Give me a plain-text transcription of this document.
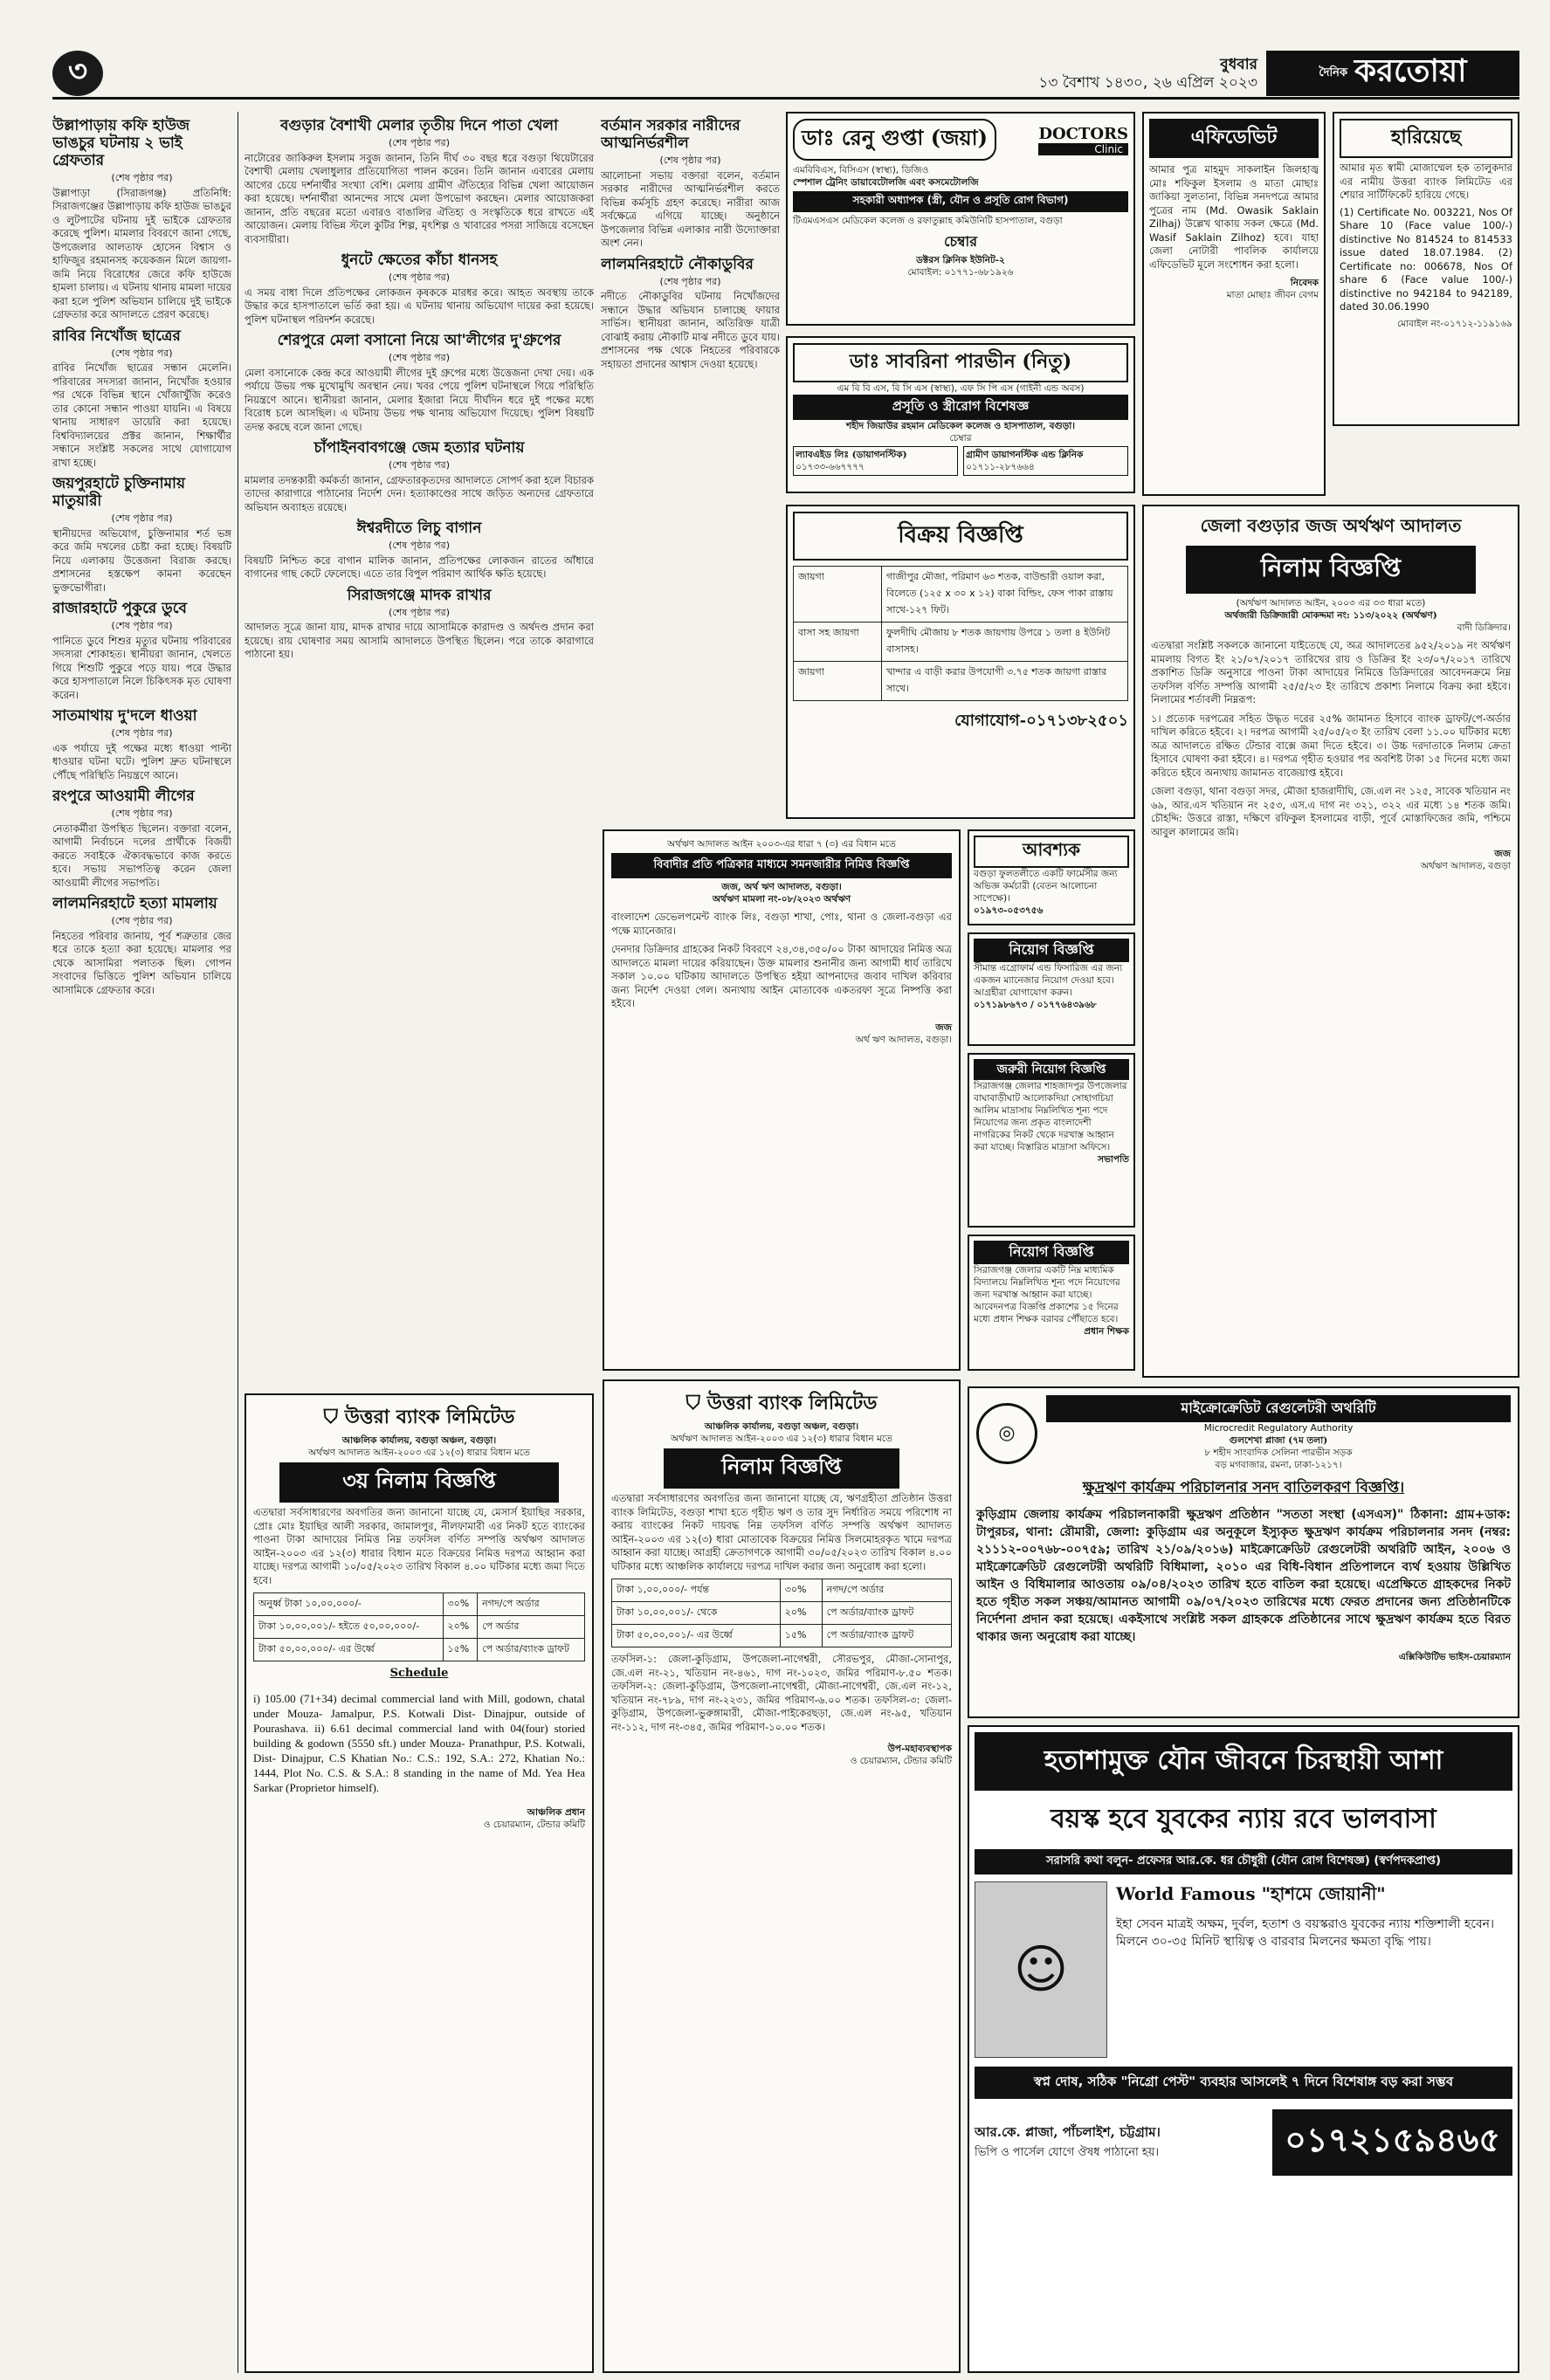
৩	বুধবার
১৩ বৈশাখ ১৪৩০, ২৬ এপ্রিল ২০২৩
দৈনিক করতোয়া
উল্লাপাড়ায় কফি হাউজ ভাঙচুর ঘটনায় ২ ভাই গ্রেফতার
(শেষ পৃষ্ঠার পর)

উল্লাপাড়া (সিরাজগঞ্জ) প্রতিনিধি: সিরাজগঞ্জের উল্লাপাড়ায় কফি হাউজ ভাঙচুর ও লুটপাটের ঘটনায় দুই ভাইকে গ্রেফতার করেছে পুলিশ। মামলার বিবরণে জানা গেছে, উপজেলার আলতাফ হোসেন বিশ্বাস ও হাফিজুর রহমানসহ কয়েকজন মিলে জায়গা-জমি নিয়ে বিরোধের জেরে কফি হাউজে হামলা চালায়। এ ঘটনায় থানায় মামলা দায়ের করা হলে পুলিশ অভিযান চালিয়ে দুই ভাইকে গ্রেফতার করে আদালতে প্রেরণ করেছে।

রাবির নিখোঁজ ছাত্রের
(শেষ পৃষ্ঠার পর)

রাবির নিখোঁজ ছাত্রের সন্ধান মেলেনি। পরিবারের সদস্যরা জানান, নিখোঁজ হওয়ার পর থেকে বিভিন্ন স্থানে খোঁজাখুঁজি করেও তার কোনো সন্ধান পাওয়া যায়নি। এ বিষয়ে থানায় সাধারণ ডায়েরি করা হয়েছে। বিশ্ববিদ্যালয়ের প্রক্টর জানান, শিক্ষার্থীর সন্ধানে সংশ্লিষ্ট সকলের সাথে যোগাযোগ রাখা হচ্ছে।

জয়পুরহাটে চুক্তিনামায় মাতুয়ারী
(শেষ পৃষ্ঠার পর)

স্থানীয়দের অভিযোগ, চুক্তিনামার শর্ত ভঙ্গ করে জমি দখলের চেষ্টা করা হচ্ছে। বিষয়টি নিয়ে এলাকায় উত্তেজনা বিরাজ করছে। প্রশাসনের হস্তক্ষেপ কামনা করেছেন ভুক্তভোগীরা।

রাজারহাটে পুকুরে ডুবে
(শেষ পৃষ্ঠার পর)

পানিতে ডুবে শিশুর মৃত্যুর ঘটনায় পরিবারের সদস্যরা শোকাহত। স্থানীয়রা জানান, খেলতে গিয়ে শিশুটি পুকুরে পড়ে যায়। পরে উদ্ধার করে হাসপাতালে নিলে চিকিৎসক মৃত ঘোষণা করেন।

সাতমাথায় দু'দলে ধাওয়া
(শেষ পৃষ্ঠার পর)

এক পর্যায়ে দুই পক্ষের মধ্যে ধাওয়া পাল্টা ধাওয়ার ঘটনা ঘটে। পুলিশ দ্রুত ঘটনাস্থলে পৌঁছে পরিস্থিতি নিয়ন্ত্রণে আনে।

রংপুরে আওয়ামী লীগের
(শেষ পৃষ্ঠার পর)

নেতাকর্মীরা উপস্থিত ছিলেন। বক্তারা বলেন, আগামী নির্বাচনে দলের প্রার্থীকে বিজয়ী করতে সবাইকে ঐক্যবদ্ধভাবে কাজ করতে হবে। সভায় সভাপতিত্ব করেন জেলা আওয়ামী লীগের সভাপতি।

লালমনিরহাটে হত্যা মামলায়
(শেষ পৃষ্ঠার পর)

নিহতের পরিবার জানায়, পূর্ব শত্রুতার জের ধরে তাকে হত্যা করা হয়েছে। মামলার পর থেকে আসামিরা পলাতক ছিল। গোপন সংবাদের ভিত্তিতে পুলিশ অভিযান চালিয়ে আসামিকে গ্রেফতার করে।

বগুড়ার বৈশাখী মেলার তৃতীয় দিনে পাতা খেলা
(শেষ পৃষ্ঠার পর)

নাটোরের জাকিরুল ইসলাম সবুজ জানান, তিনি দীর্ঘ ৩০ বছর ধরে বগুড়া থিয়েটারের বৈশাখী মেলায় খেলাধুলার প্রতিযোগিতা পালন করেন। তিনি জানান এবারের মেলায় আগের চেয়ে দর্শনার্থীর সংখ্যা বেশি। মেলায় গ্রামীণ ঐতিহ্যের বিভিন্ন খেলা আয়োজন করা হয়েছে। দর্শনার্থীরা আনন্দের সাথে মেলা উপভোগ করছেন। মেলার আয়োজকরা জানান, প্রতি বছরের মতো এবারও বাঙালির ঐতিহ্য ও সংস্কৃতিকে ধরে রাখতে এই আয়োজন। মেলায় বিভিন্ন স্টলে কুটির শিল্প, মৃৎশিল্প ও খাবারের পসরা সাজিয়ে বসেছেন ব্যবসায়ীরা।

ধুনটে ক্ষেতের কাঁচা ধানসহ
(শেষ পৃষ্ঠার পর)

এ সময় বাধা দিলে প্রতিপক্ষের লোকজন কৃষককে মারধর করে। আহত অবস্থায় তাকে উদ্ধার করে হাসপাতালে ভর্তি করা হয়। এ ঘটনায় থানায় অভিযোগ দায়ের করা হয়েছে। পুলিশ ঘটনাস্থল পরিদর্শন করেছে।

শেরপুরে মেলা বসানো নিয়ে আ'লীগের দু'গ্রুপের
(শেষ পৃষ্ঠার পর)

মেলা বসানোকে কেন্দ্র করে আওয়ামী লীগের দুই গ্রুপের মধ্যে উত্তেজনা দেখা দেয়। এক পর্যায়ে উভয় পক্ষ মুখোমুখি অবস্থান নেয়। খবর পেয়ে পুলিশ ঘটনাস্থলে গিয়ে পরিস্থিতি নিয়ন্ত্রণে আনে। স্থানীয়রা জানান, মেলার ইজারা নিয়ে দীর্ঘদিন ধরে দুই পক্ষের মধ্যে বিরোধ চলে আসছিল। এ ঘটনায় উভয় পক্ষ থানায় অভিযোগ দিয়েছে। পুলিশ বিষয়টি তদন্ত করছে বলে জানা গেছে।

চাঁপাইনবাবগঞ্জে জেম হত্যার ঘটনায়
(শেষ পৃষ্ঠার পর)

মামলার তদন্তকারী কর্মকর্তা জানান, গ্রেফতারকৃতদের আদালতে সোপর্দ করা হলে বিচারক তাদের কারাগারে পাঠানোর নির্দেশ দেন। হত্যাকাণ্ডের সাথে জড়িত অন্যদের গ্রেফতারে অভিযান অব্যাহত রয়েছে।

ঈশ্বরদীতে লিচু বাগান
(শেষ পৃষ্ঠার পর)

বিষয়টি নিশ্চিত করে বাগান মালিক জানান, প্রতিপক্ষের লোকজন রাতের আঁধারে বাগানের গাছ কেটে ফেলেছে। এতে তার বিপুল পরিমাণ আর্থিক ক্ষতি হয়েছে।

সিরাজগঞ্জে মাদক রাখার
(শেষ পৃষ্ঠার পর)

আদালত সূত্রে জানা যায়, মাদক রাখার দায়ে আসামিকে কারাদণ্ড ও অর্থদণ্ড প্রদান করা হয়েছে। রায় ঘোষণার সময় আসামি আদালতে উপস্থিত ছিলেন। পরে তাকে কারাগারে পাঠানো হয়।

বর্তমান সরকার নারীদের আত্মনির্ভরশীল
(শেষ পৃষ্ঠার পর)

আলোচনা সভায় বক্তারা বলেন, বর্তমান সরকার নারীদের আত্মনির্ভরশীল করতে বিভিন্ন কর্মসূচি গ্রহণ করেছে। নারীরা আজ সর্বক্ষেত্রে এগিয়ে যাচ্ছে। অনুষ্ঠানে উপজেলার বিভিন্ন এলাকার নারী উদ্যোক্তারা অংশ নেন।

লালমনিরহাটে নৌকাডুবির
(শেষ পৃষ্ঠার পর)

নদীতে নৌকাডুবির ঘটনায় নিখোঁজদের সন্ধানে উদ্ধার অভিযান চালাচ্ছে ফায়ার সার্ভিস। স্থানীয়রা জানান, অতিরিক্ত যাত্রী বোঝাই করায় নৌকাটি মাঝ নদীতে ডুবে যায়। প্রশাসনের পক্ষ থেকে নিহতের পরিবারকে সহায়তা প্রদানের আশ্বাস দেওয়া হয়েছে।

ডাঃ রেনু গুপ্তা (জয়া)	DOCTORS
Clinic
এমবিবিএস, বিসিএস (স্বাস্থ্য), ডিজিও
স্পেশাল ট্রেনিং ডায়াবেটোলজি এবং কসমেটোলজি
সহকারী অধ্যাপক (স্ত্রী, যৌন ও প্রসূতি রোগ বিভাগ)
টিএমএসএস মেডিকেল কলেজ ও রফাতুল্লাহ কমিউনিটি হাসপাতাল, বগুড়া
চেম্বার
ডক্টরস ক্লিনিক ইউনিট-২
মোবাইল: ০১৭৭১-৬৮১৯২৬
ডাঃ সাবরিনা পারভীন (নিতু)
এম বি বি এস, বি সি এস (স্বাস্থ্য), এফ সি পি এস (গাইনী এন্ড অবস)
প্রসূতি ও স্ত্রীরোগ বিশেষজ্ঞ
শহীদ জিয়াউর রহমান মেডিকেল কলেজ ও হাসপাতাল, বগুড়া।
চেম্বার
ল্যাবএইড লিঃ (ডায়াগনস্টিক)
০১৭৩৩-৬৬৭৭৭৭
গ্রামীণ ডায়াগনস্টিক এন্ড ক্লিনিক
০১৭১১-২৮৭৬৬৪
এফিডেভিট

আমার পুত্র মাহমুদ সাকলাইন জিলহাজ্ব মোঃ শফিকুল ইসলাম ও মাতা মোছাঃ জাকিয়া সুলতানা, বিভিন্ন সনদপত্রে আমার পুত্রের নাম (Md. Owasik Saklain Zilhaj) উল্লেখ থাকায় সকল ক্ষেত্রে (Md. Wasif Saklain Zilhoz) হবে। যাহা জেলা নোটারী পাবলিক কার্যালয়ে এফিডেভিট মূলে সংশোধন করা হলো।

নিবেদক
মাতা মোছাঃ জীবন বেগম
হারিয়েছে

আমার মৃত স্বামী মোজাম্মেল হক তালুকদার এর নামীয় উত্তরা ব্যাংক লিমিটেড এর শেয়ার সার্টিফিকেট হারিয়ে গেছে।

(1) Certificate No. 003221, Nos Of Share 10 (Face value 100/-) distinctive No 814524 to 814533 issue dated 18.07.1984. (2) Certificate no: 006678, Nos Of share 6 (Face value 100/-) distinctive no 942184 to 942189, dated 30.06.1990

মোবাইল নং-০১৭১২-১১৯১৬৯
বিক্রয় বিজ্ঞপ্তি
জায়গা	গাজীপুর মৌজা, পরিমাণ ৬৩ শতক, বাউন্ডারী ওয়াল করা, বিলেতে (১২৫ x ৩০ x ১২) বাকা বিল্ডিং, ফেস পাকা রাস্তায় সাথে-১২৭ ফিট।
বাসা সহ জায়গা	ফুলদীঘি মৌজায় ৮ শতক জায়গায় উপরে ১ তলা ৪ ইউনিট বাসাসহ।
জায়গা	খান্দার এ বাড়ী করার উপযোগী ৩.৭৫ শতক জায়গা রাস্তার সাথে।
যোগাযোগ-০১৭১৩৮২৫০১
জেলা বগুড়ার জজ অর্থঋণ আদালত
নিলাম বিজ্ঞপ্তি
(অর্থঋণ আদালত আইন, ২০০৩ এর ৩৩ ধারা মতে)
অর্থজারী ডিক্রিজারী মোকদ্দমা নং: ১১৩/২০২২ (অর্থঋণ)
বাদী ডিক্রিদার।

এতদ্বারা সংশ্লিষ্ট সকলকে জানানো যাইতেছে যে, অত্র আদালতের ৯৫২/২০১৯ নং অর্থঋণ মামলায় বিগত ইং ২১/০৭/২০১৭ তারিখের রায় ও ডিক্রির ইং ২৩/০৭/২০১৭ তারিখে প্রকাশিত ডিক্রি অনুসারে পাওনা টাকা আদায়ের নিমিত্তে ডিক্রিদারের আবেদনক্রমে নিম্ন তফসিল বর্ণিত সম্পত্তি আগামী ২৫/৫/২৩ ইং তারিখে প্রকাশ্য নিলামে বিক্রয় করা হইবে। নিলামের শর্তাবলী নিম্নরূপ:

১। প্রত্যেক দরপত্রের সহিত উদ্ধৃত দরের ২৫% জামানত হিসাবে ব্যাংক ড্রাফট/পে-অর্ডার দাখিল করিতে হইবে। ২। দরপত্র আগামী ২৫/০৫/২৩ ইং তারিখ বেলা ১১.০০ ঘটিকার মধ্যে অত্র আদালতে রক্ষিত টেন্ডার বাক্সে জমা দিতে হইবে। ৩। উচ্চ দরদাতাকে নিলাম ক্রেতা হিসাবে ঘোষণা করা হইবে। ৪। দরপত্র গৃহীত হওয়ার পর অবশিষ্ট টাকা ১৫ দিনের মধ্যে জমা করিতে হইবে অন্যথায় জামানত বাজেয়াপ্ত হইবে।

জেলা বগুড়া, থানা বগুড়া সদর, মৌজা হাজরাদীঘি, জে.এল নং ১২৫, সাবেক খতিয়ান নং ৬৯, আর.এস খতিয়ান নং ২৫৩, এস.এ দাগ নং ৩২১, ৩২২ এর মধ্যে ১৪ শতক জমি। চৌহদ্দি: উত্তরে রাস্তা, দক্ষিণে রফিকুল ইসলামের বাড়ী, পূর্বে মোস্তাফিজের জমি, পশ্চিমে আবুল কালামের জমি।

জজ
অর্থঋণ আদালত, বগুড়া
অর্থঋণ আদালত আইন ২০০৩-এর ধারা ৭ (৩) এর বিধান মতে
বিবাদীর প্রতি পত্রিকার মাধ্যমে সমনজারীর নিমিত্ত বিজ্ঞপ্তি
জজ, অর্থ ঋণ আদালত, বগুড়া।
অর্থঋণ মামলা নং-০৮/২০২৩ অর্থঋণ

বাংলাদেশ ডেভেলপমেন্ট ব্যাংক লিঃ, বগুড়া শাখা, পোঃ, থানা ও জেলা-বগুড়া এর পক্ষে ম্যানেজার।

দেনদার ডিক্রিদার গ্রাহকের নিকট বিবরণে ২৪,৩৪,৩৫০/০০ টাকা আদায়ের নিমিত্ত অত্র আদালতে মামলা দায়ের করিয়াছেন। উক্ত মামলার শুনানীর জন্য আগামী ধার্য তারিখে সকাল ১০.০০ ঘটিকায় আদালতে উপস্থিত হইয়া আপনাদের জবাব দাখিল করিবার জন্য নির্দেশ দেওয়া গেল। অন্যথায় আইন মোতাবেক একতরফা সূত্রে নিষ্পত্তি করা হইবে।

জজ
অর্থ ঋণ আদালত, বগুড়া।
আবশ্যক
বগুড়া ফুলতলীতে একটি ফার্মেসীর জন্য অভিজ্ঞ কর্মচারী (বেতন আলোচনা সাপেক্ষে)।
০১৯৭৩-০৫৩৭৫৬
নিয়োগ বিজ্ঞপ্তি
সীমান্ত এগ্রোফার্ম এন্ড ফিসারিজ এর জন্য একজন ম্যানেজার নিয়োগ দেওয়া হবে। আগ্রহীরা যোগাযোগ করুন।
০১৭১৯৮৬৭৩ / ০১৭৭৬৪৩৯৬৮
জরুরী নিয়োগ বিজ্ঞপ্তি
সিরাজগঞ্জ জেলার শাহজাদপুর উপজেলার বাঘাবাড়ীঘাট আলোকদিয়া সোহাগচিয়া আলিম মাদ্রাসায় নিম্নলিখিত শূন্য পদে নিয়োগের জন্য প্রকৃত বাংলাদেশী নাগরিকের নিকট থেকে দরখাস্ত আহ্বান করা যাচ্ছে। বিস্তারিত মাদ্রাসা অফিসে।
সভাপতি
নিয়োগ বিজ্ঞপ্তি
সিরাজগঞ্জ জেলার একটি নিম্ন মাধ্যমিক বিদ্যালয়ে নিম্নলিখিত শূন্য পদে নিয়োগের জন্য দরখাস্ত আহ্বান করা যাচ্ছে। আবেদনপত্র বিজ্ঞপ্তি প্রকাশের ১৫ দিনের মধ্যে প্রধান শিক্ষক বরাবর পৌঁছাতে হবে।
প্রধান শিক্ষক
⛉ উত্তরা ব্যাংক লিমিটেড
আঞ্চলিক কার্যালয়, বগুড়া অঞ্চল, বগুড়া।
অর্থঋণ আদালত আইন-২০০৩ এর ১২(৩) ধারার বিধান মতে
৩য় নিলাম বিজ্ঞপ্তি

এতদ্বারা সর্বসাধারণের অবগতির জন্য জানানো যাচ্ছে যে, মেসার্স ইয়াছির সরকার, প্রোঃ মোঃ ইয়াছির আলী সরকার, জামালপুর, নীলফামারী এর নিকট হতে ব্যাংকের পাওনা টাকা আদায়ের নিমিত্ত নিম্ন তফসিল বর্ণিত সম্পত্তি অর্থঋণ আদালত আইন-২০০৩ এর ১২(৩) ধারার বিধান মতে বিক্রয়ের নিমিত্ত দরপত্র আহ্বান করা যাচ্ছে। দরপত্র আগামী ১০/০৫/২০২৩ তারিখ বিকাল ৪.০০ ঘটিকার মধ্যে জমা দিতে হবে।

অনুর্ধ্ব টাকা ১০,০০,০০০/-	৩০%	নগদ/পে অর্ডার
টাকা ১০,০০,০০১/- হইতে ৫০,০০,০০০/-	২০%	পে অর্ডার
টাকা ৫০,০০,০০০/- এর উর্ধ্বে	১৫%	পে অর্ডার/ব্যাংক ড্রাফট
Schedule

i) 105.00 (71+34) decimal commercial land with Mill, godown, chatal under Mouza- Jamalpur, P.S. Kotwali Dist- Dinajpur, outside of Pourashava. ii) 6.61 decimal commercial land with 04(four) storied building & godown (5550 sft.) under Mouza- Pranathpur, P.S. Kotwali, Dist- Dinajpur, C.S Khatian No.: C.S.: 192, S.A.: 272, Khatian No.: 1444, Plot No. C.S. & S.A.: 8 standing in the name of Md. Yea Hea Sarkar (Proprietor himself).

আঞ্চলিক প্রধান
ও চেয়ারম্যান, টেন্ডার কমিটি
⛉ উত্তরা ব্যাংক লিমিটেড
আঞ্চলিক কার্যালয়, বগুড়া অঞ্চল, বগুড়া।
অর্থঋণ আদালত আইন-২০০৩ এর ১২(৩) ধারার বিধান মতে
নিলাম বিজ্ঞপ্তি

এতদ্বারা সর্বসাধারণের অবগতির জন্য জানানো যাচ্ছে যে, ঋণগ্রহীতা প্রতিষ্ঠান উত্তরা ব্যাংক লিমিটেড, বগুড়া শাখা হতে গৃহীত ঋণ ও তার সুদ নির্ধারিত সময়ে পরিশোধ না করায় ব্যাংকের নিকট দায়বদ্ধ নিম্ন তফসিল বর্ণিত সম্পত্তি অর্থঋণ আদালত আইন-২০০৩ এর ১২(৩) ধারা মোতাবেক বিক্রয়ের নিমিত্ত সিলমোহরকৃত খামে দরপত্র আহ্বান করা যাচ্ছে। আগ্রহী ক্রেতাগণকে আগামী ৩০/০৫/২০২৩ তারিখ বিকাল ৪.০০ ঘটিকার মধ্যে আঞ্চলিক কার্যালয়ে দরপত্র দাখিল করার জন্য অনুরোধ করা হলো।

টাকা ১,০০,০০০/- পর্যন্ত	৩০%	নগদ/পে অর্ডার
টাকা ১০,০০,০০১/- থেকে	২০%	পে অর্ডার/ব্যাংক ড্রাফট
টাকা ৫০,০০,০০১/- এর উর্ধ্বে	১৫%	পে অর্ডার/ব্যাংক ড্রাফট

তফসিল-১: জেলা-কুড়িগ্রাম, উপজেলা-নাগেশ্বরী, সৌরভপুর, মৌজা-সোনাপুর, জে.এল নং-২১, খতিয়ান নং-৪৬১, দাগ নং-১০২৩, জমির পরিমাণ-৮.৫০ শতক। তফসিল-২: জেলা-কুড়িগ্রাম, উপজেলা-নাগেশ্বরী, মৌজা-নাগেশ্বরী, জে.এল নং-১২, খতিয়ান নং-৭৮৯, দাগ নং-২২৩১, জমির পরিমাণ-৬.০০ শতক। তফসিল-৩: জেলা-কুড়িগ্রাম, উপজেলা-ভুরুঙ্গামারী, মৌজা-পাইকেরছড়া, জে.এল নং-৯৫, খতিয়ান নং-১১২, দাগ নং-৩৪৫, জমির পরিমাণ-১০.০০ শতক।

উপ-মহাব্যবস্থাপক
ও চেয়ারম্যান, টেন্ডার কমিটি
◎
মাইক্রোক্রেডিট রেগুলেটরী অথরিটি
Microcredit Regulatory Authority
গুলশেখা প্লাজা (৭ম তলা)
৮ শহীদ সাংবাদিক সেলিনা পারভীন সড়ক
বড় মগবাজার, রমনা, ঢাকা-১২১৭।
ক্ষুদ্রঋণ কার্যক্রম পরিচালনার সনদ বাতিলকরণ বিজ্ঞপ্তি।

কুড়িগ্রাম জেলায় কার্যক্রম পরিচালনাকারী ক্ষুদ্রঋণ প্রতিষ্ঠান "সততা সংস্থা (এসএস)" ঠিকানা: গ্রাম+ডাক: টাপুরচর, থানা: রৌমারী, জেলা: কুড়িগ্রাম এর অনুকূলে ইস্যুকৃত ক্ষুদ্রঋণ কার্যক্রম পরিচালনার সনদ (নম্বর: ২১১১২-০০৭৬৮-০০৭৫৯; তারিখ ২১/০৯/২০১৬) মাইক্রোক্রেডিট রেগুলেটরী অথরিটি আইন, ২০০৬ ও মাইক্রোক্রেডিট রেগুলেটরী অথরিটি বিধিমালা, ২০১০ এর বিধি-বিধান প্রতিপালনে ব্যর্থ হওয়ায় উল্লিখিত আইন ও বিধিমালার আওতায় ০৯/০৪/২০২৩ তারিখ হতে বাতিল করা হয়েছে। এপ্রেক্ষিতে গ্রাহকদের নিকট হতে গৃহীত সকল সঞ্চয়/আমানত আগামী ০৯/০৭/২০২৩ তারিখের মধ্যে ফেরত প্রদানের জন্য প্রতিষ্ঠানটিকে নির্দেশনা প্রদান করা হয়েছে। একইসাথে সংশ্লিষ্ট সকল গ্রাহককে প্রতিষ্ঠানের সাথে ক্ষুদ্রঋণ কার্যক্রম হতে বিরত থাকার জন্য অনুরোধ করা যাচ্ছে।

এক্সিকিউটিভ ভাইস-চেয়ারম্যান
হতাশামুক্ত যৌন জীবনে চিরস্থায়ী আশা
বয়স্ক হবে যুবকের ন্যায় রবে ভালবাসা
সরাসরি কথা বলুন- প্রফেসর আর.কে. ধর চৌধুরী (যৌন রোগ বিশেষজ্ঞ) (স্বর্ণপদকপ্রাপ্ত)
☺
World Famous "হাশমে জোয়ানী"

ইহা সেবন মাত্রই অক্ষম, দুর্বল, হতাশ ও বয়স্করাও যুবকের ন্যায় শক্তিশালী হবেন। মিলনে ৩০-৩৫ মিনিট স্থায়িত্ব ও বারবার মিলনের ক্ষমতা বৃদ্ধি পায়।

স্বপ্ন দোষ, সঠিক "নিগ্রো পেস্ট" ব্যবহার আসলেই ৭ দিনে বিশেষাঙ্গ বড় করা সম্ভব
আর.কে. প্লাজা, পাঁচলাইশ, চট্টগ্রাম।
ভিপি ও পার্সেল যোগে ঔষধ পাঠানো হয়।	০১৭২১৫৯৪৬৫
